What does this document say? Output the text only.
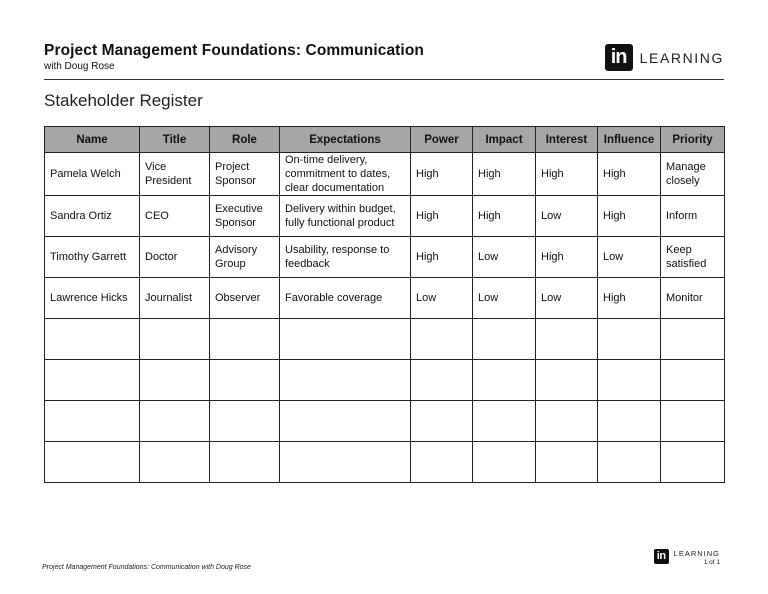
Project Management Foundations: Communication
with Doug Rose	in LEARNING
Stakeholder Register
Name	Title	Role	Expectations	Power	Impact	Interest	Influence	Priority
Pamela Welch	Vice President	Project Sponsor	On-time delivery, commitment to dates, clear documentation	High	High	High	High	Manage closely
Sandra Ortiz	CEO	Executive Sponsor	Delivery within budget, fully functional product	High	High	Low	High	Inform
Timothy Garrett	Doctor	Advisory Group	Usability, response to feedback	High	Low	High	Low	Keep satisfied
Lawrence Hicks	Journalist	Observer	Favorable coverage	Low	Low	Low	High	Monitor

Project Management Foundations: Communication with Doug Rose
in	LEARNING
1 of 1
